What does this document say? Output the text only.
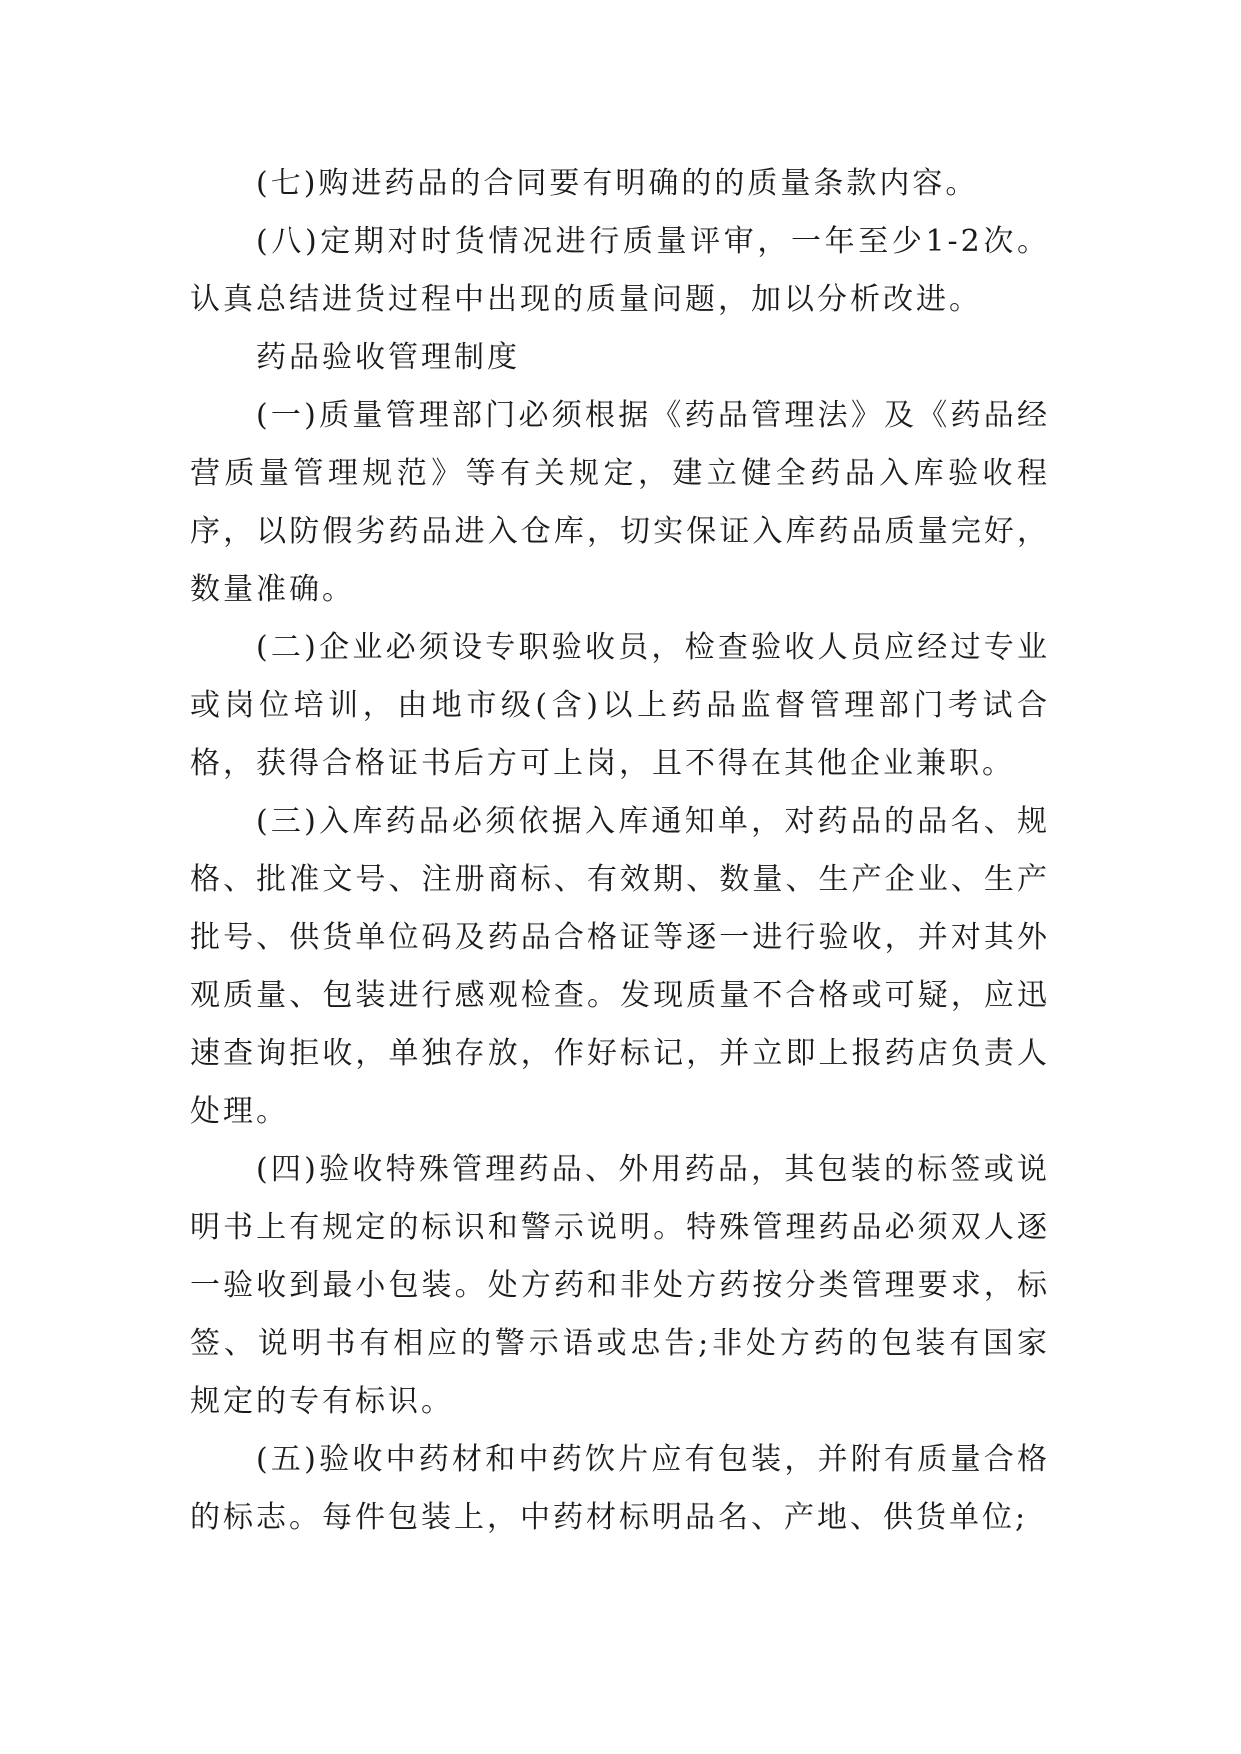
(七)购进药品的合同要有明确的的质量条款内容。

(八)定期对时货情况进行质量评审，一年至少1-2次。认真总结进货过程中出现的质量问题，加以分析改进。

药品验收管理制度

(一)质量管理部门必须根据《药品管理法》及《药品经营质量管理规范》等有关规定，建立健全药品入库验收程序，以防假劣药品进入仓库，切实保证入库药品质量完好，数量准确。

(二)企业必须设专职验收员，检查验收人员应经过专业或岗位培训，由地市级(含)以上药品监督管理部门考试合格，获得合格证书后方可上岗，且不得在其他企业兼职。

(三)入库药品必须依据入库通知单，对药品的品名、规格、批准文号、注册商标、有效期、数量、生产企业、生产批号、供货单位码及药品合格证等逐一进行验收，并对其外观质量、包装进行感观检查。发现质量不合格或可疑，应迅速查询拒收，单独存放，作好标记，并立即上报药店负责人处理。

(四)验收特殊管理药品、外用药品，其包装的标签或说明书上有规定的标识和警示说明。特殊管理药品必须双人逐一验收到最小包装。处方药和非处方药按分类管理要求，标签、说明书有相应的警示语或忠告;非处方药的包装有国家规定的专有标识。

(五)验收中药材和中药饮片应有包装，并附有质量合格的标志。每件包装上，中药材标明品名、产地、供货单位;
